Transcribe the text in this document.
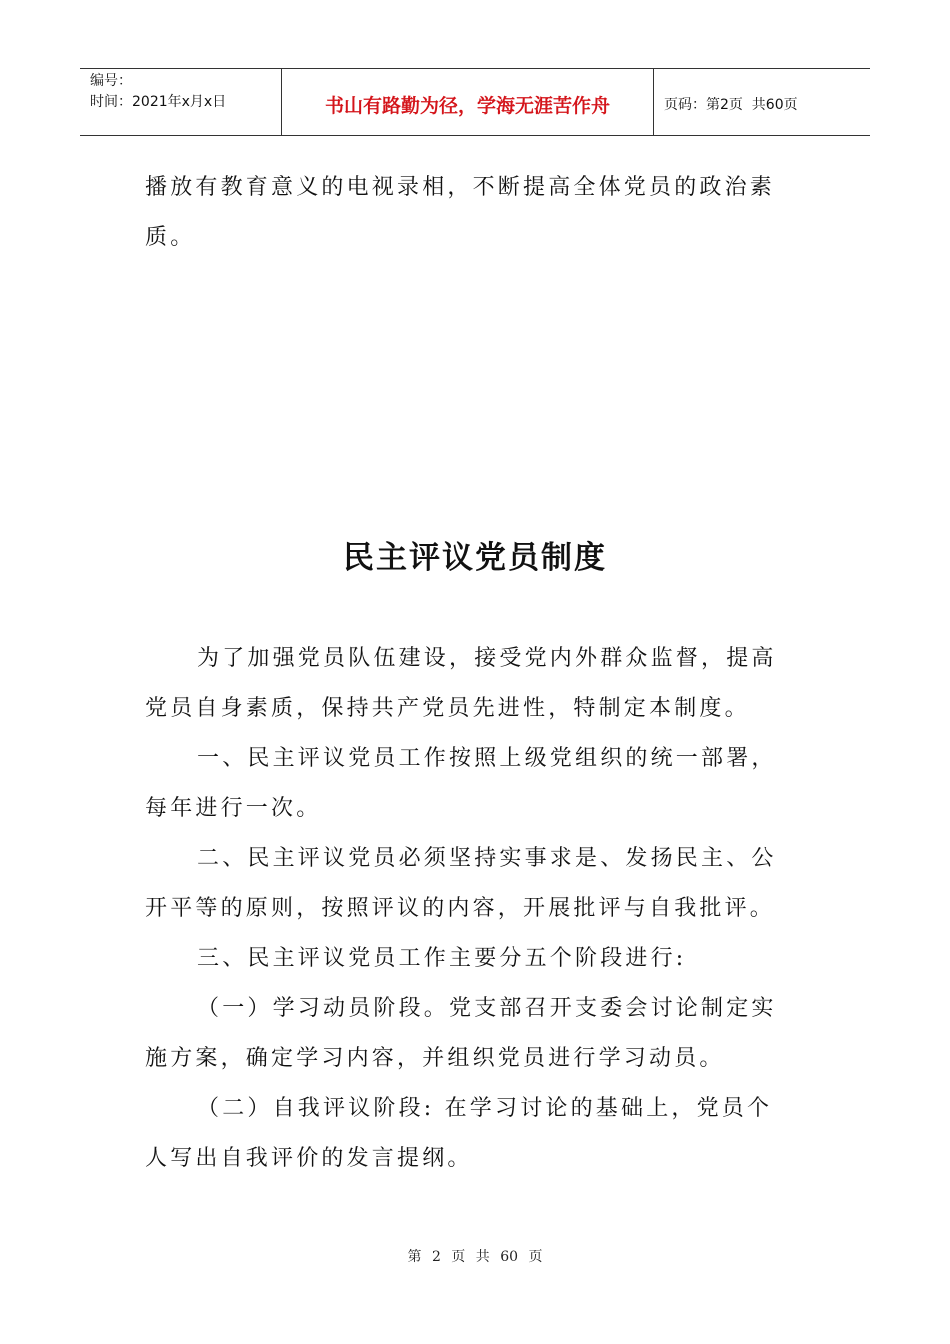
编号：
时间：2021年x月x日	书山有路勤为径，学海无涯苦作舟	页码：第2页  共60页

播放有教育意义的电视录相，不断提高全体党员的政治素质。

民主评议党员制度

为了加强党员队伍建设，接受党内外群众监督，提高党员自身素质，保持共产党员先进性，特制定本制度。

一、民主评议党员工作按照上级党组织的统一部署，每年进行一次。

二、民主评议党员必须坚持实事求是、发扬民主、公开平等的原则，按照评议的内容，开展批评与自我批评。

三、民主评议党员工作主要分五个阶段进行:

（一）学习动员阶段。党支部召开支委会讨论制定实施方案，确定学习内容，并组织党员进行学习动员。

（二）自我评议阶段: 在学习讨论的基础上，党员个人写出自我评价的发言提纲。

第 2 页 共 60 页
